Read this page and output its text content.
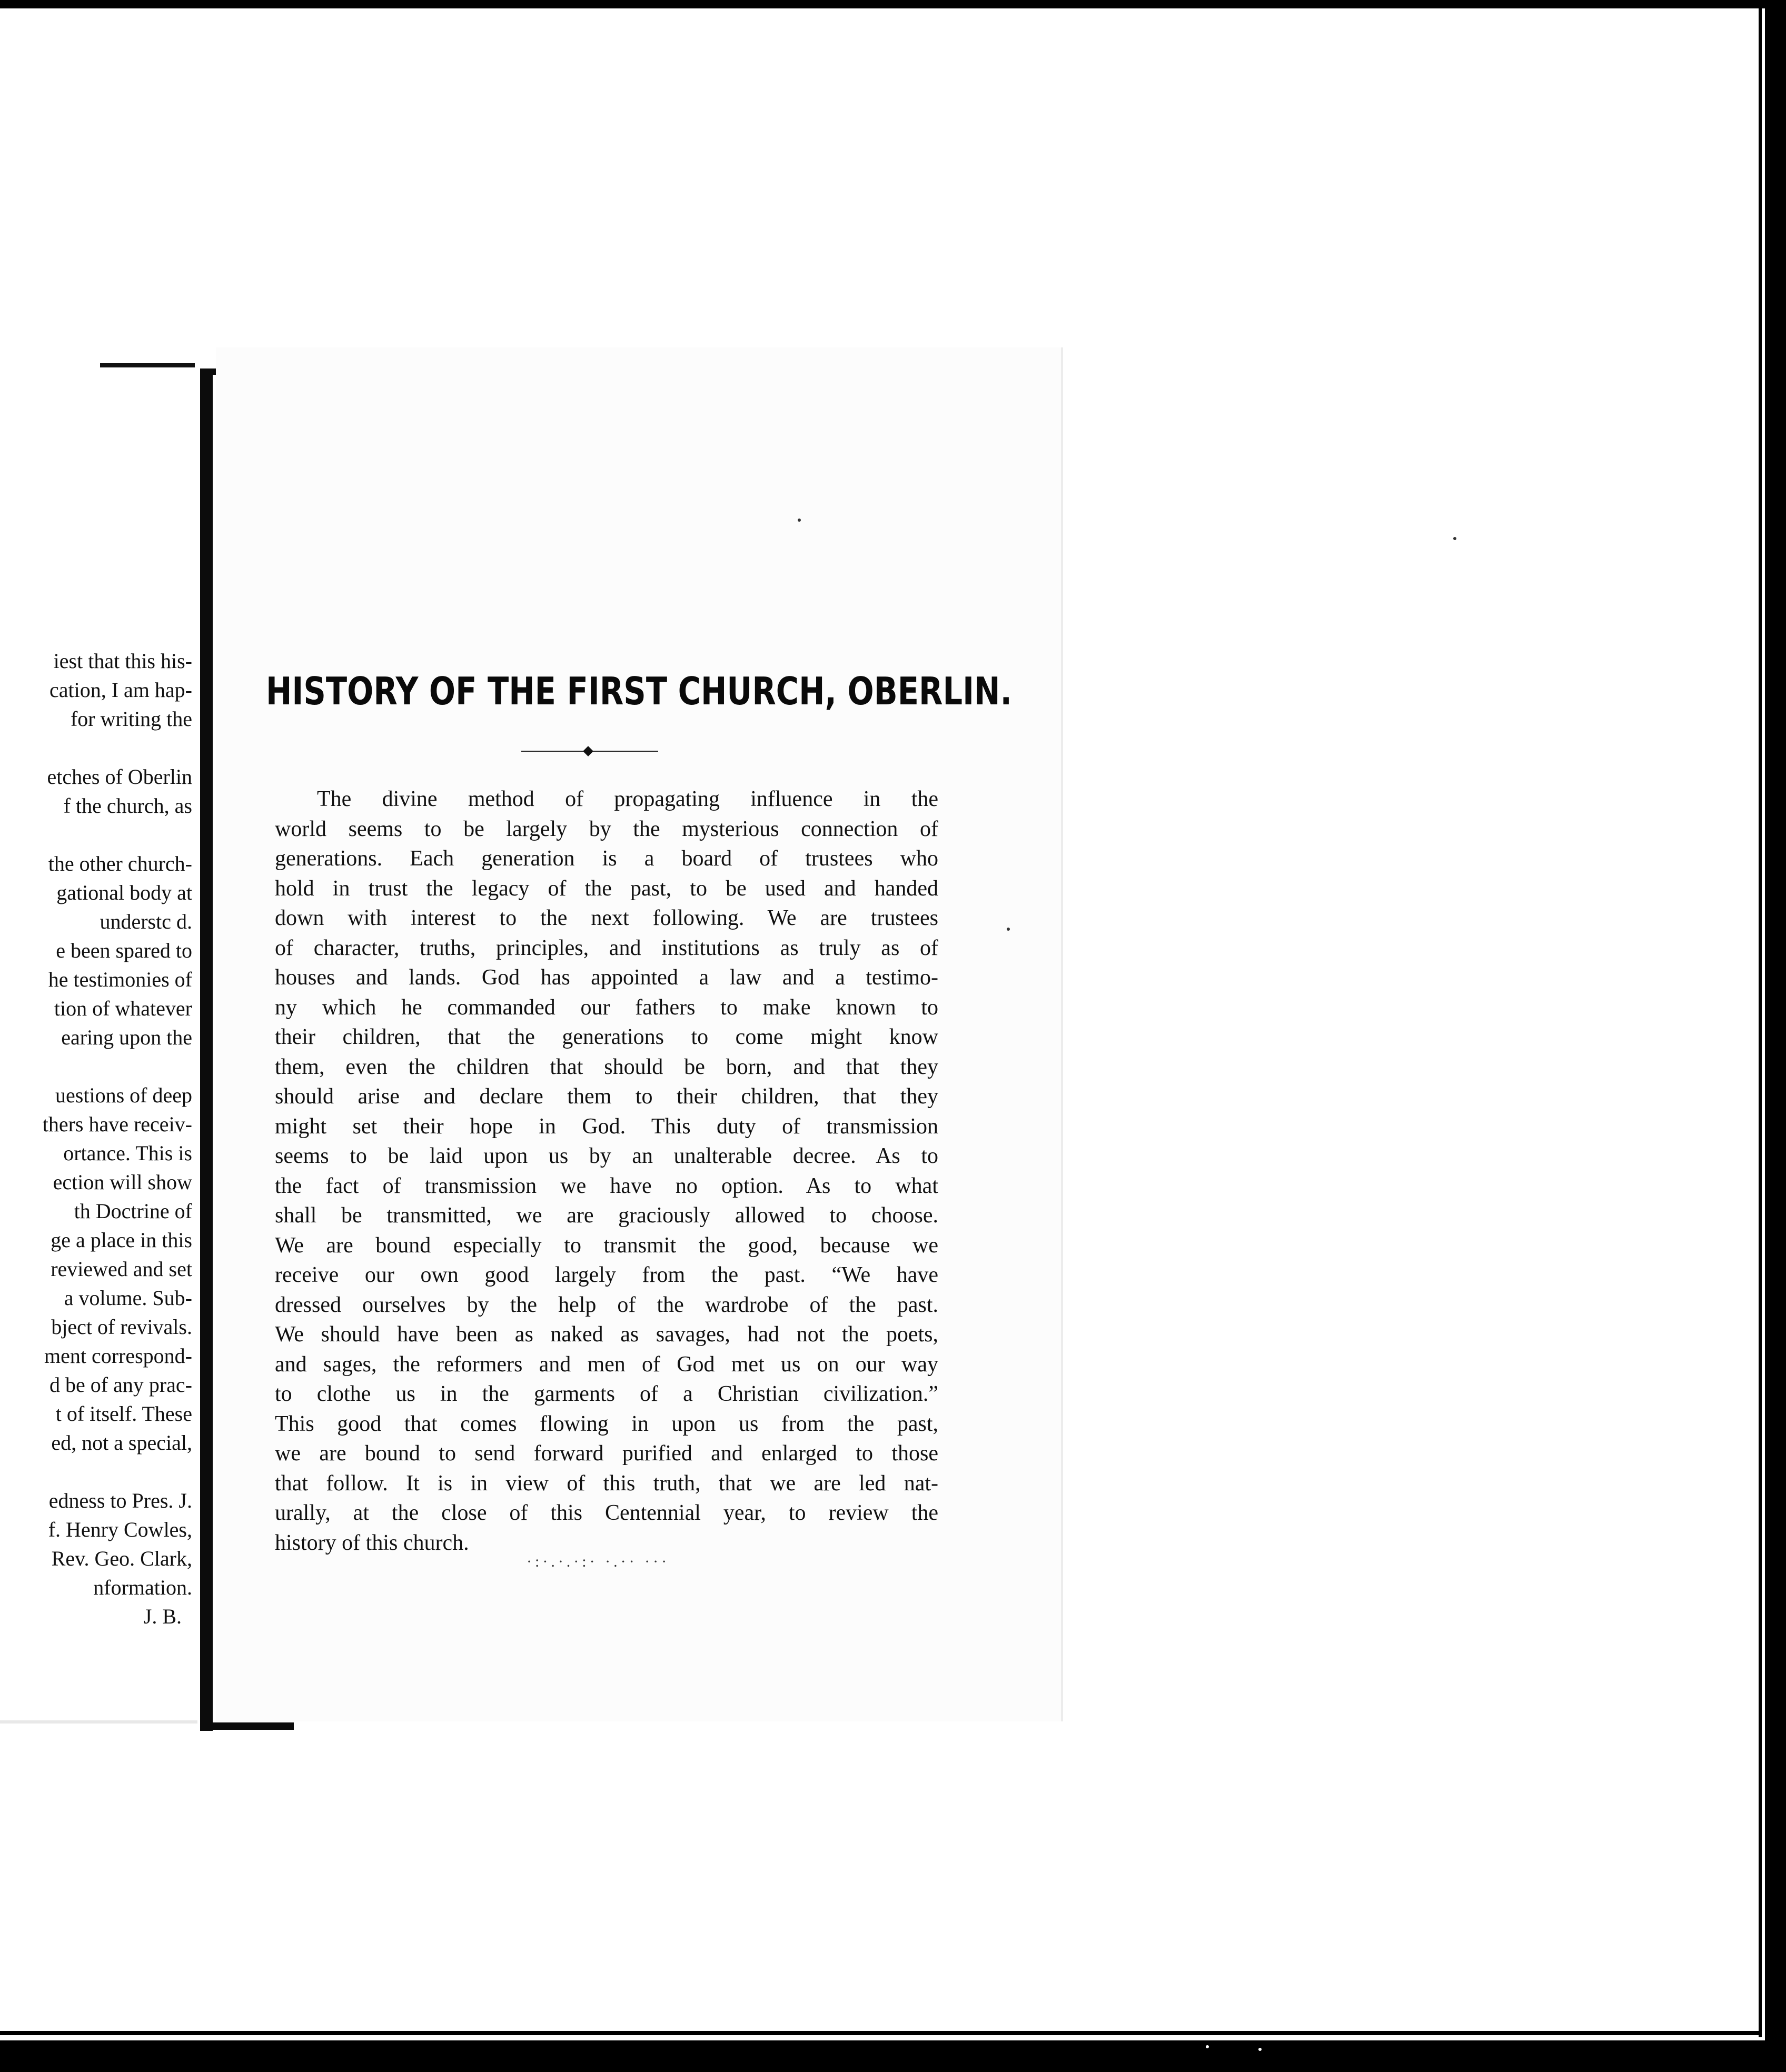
iest that this his-
cation, I am hap-
for writing the
etches of Oberlin
f the church, as
the other church-
gational body at
understc d.
e been spared to
he testimonies of
tion of whatever
earing upon the
uestions of deep
thers have receiv-
ortance. This is
ection will show
th Doctrine of
ge a place in this
reviewed and set
a volume. Sub-
bject of revivals.
ment correspond-
d be of any prac-
t of itself. These
ed, not a special,
edness to Pres. J.
f. Henry Cowles,
Rev. Geo. Clark,
nformation.
J. B.
HISTORY OF THE FIRST CHURCH, OBERLIN.
The divine method of propagating influence in the
world seems to be largely by the mysterious connection of
generations. Each generation is a board of trustees who
hold in trust the legacy of the past, to be used and handed
down with interest to the next following. We are trustees
of character, truths, principles, and institutions as truly as of
houses and lands. God has appointed a law and a testimo-
ny which he commanded our fathers to make known to
their children, that the generations to come might know
them, even the children that should be born, and that they
should arise and declare them to their children, that they
might set their hope in God. This duty of transmission
seems to be laid upon us by an unalterable decree. As to
the fact of transmission we have no option. As to what
shall be transmitted, we are graciously allowed to choose.
We are bound especially to transmit the good, because we
receive our own good largely from the past. “We have
dressed ourselves by the help of the wardrobe of the past.
We should have been as naked as savages, had not the poets,
and sages, the reformers and men of God met us on our way
to clothe us in the garments of a Christian civilization.”
This good that comes flowing in upon us from the past,
we are bound to send forward purified and enlarged to those
that follow. It is in view of this truth, that we are led nat-
urally, at the close of this Centennial year, to review the
history of this church.
·:·.·.·:· ·.·· ···
